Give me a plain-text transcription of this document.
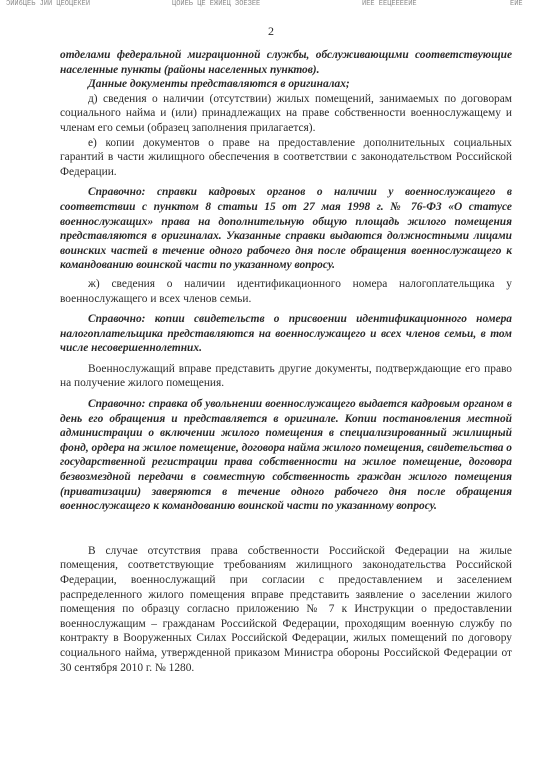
ƆИИ6ЦЕЬ ЈИИ ЦЕОЦЕКЕЙ	ЦОИЕЬ ЦЕ ЕЖИЕЦ ЗОЕЗЕЕ	ИЕЕ ЕЕЦЕЕЕЕИЕ	ЕИЕ
2

отделами федеральной миграционной службы, обслуживающими соответствующие населенные пункты (районы населенных пунктов).

Данные документы представляются в оригиналах;

д) сведения о наличии (отсутствии) жилых помещений, занимаемых по договорам социального найма и (или) принадлежащих на праве собственности военнослужащему и членам его семьи (образец заполнения прилагается).

е) копии документов о праве на предоставление дополнительных социальных гарантий в части жилищного обеспечения в соответствии с законодательством Российской Федерации.

Справочно: справки кадровых органов о наличии у военнослужащего в соответствии с пунктом 8 статьи 15 от 27 мая 1998 г. № 76-ФЗ «О статусе военнослужащих» права на дополнительную общую площадь жилого помещения представляются в оригиналах. Указанные справки выдаются должностными лицами воинских частей в течение одного рабочего дня после обращения военнослужащего к командованию воинской части по указанному вопросу.

ж) сведения о наличии идентификационного номера налогоплательщика у военнослужащего и всех членов семьи.

Справочно: копии свидетельств о присвоении идентификационного номера налогоплательщика представляются на военнослужащего и всех членов семьи, в том числе несовершеннолетних.

Военнослужащий вправе представить другие документы, подтверждающие его право на получение жилого помещения.

Справочно: справка об увольнении военнослужащего выдается кадровым органом в день его обращения и представляется в оригинале. Копии постановления местной администрации о включении жилого помещения в специализированный жилищный фонд, ордера на жилое помещение, договора найма жилого помещения, свидетельства о государственной регистрации права собственности на жилое помещение, договора безвозмездной передачи в совместную собственность граждан жилого помещения (приватизации) заверяются в течение одного рабочего дня после обращения военнослужащего к командованию воинской части по указанному вопросу.

В случае отсутствия права собственности Российской Федерации на жилые помещения, соответствующие требованиям жилищного законодательства Российской Федерации, военнослужащий при согласии с предоставлением и заселением распределенного жилого помещения вправе представить заявление о заселении жилого помещения по образцу согласно приложению № 7 к Инструкции о предоставлении военнослужащим – гражданам Российской Федерации, проходящим военную службу по контракту в Вооруженных Силах Российской Федерации, жилых помещений по договору социального найма, утвержденной приказом Министра обороны Российской Федерации от 30 сентября 2010 г. № 1280.
